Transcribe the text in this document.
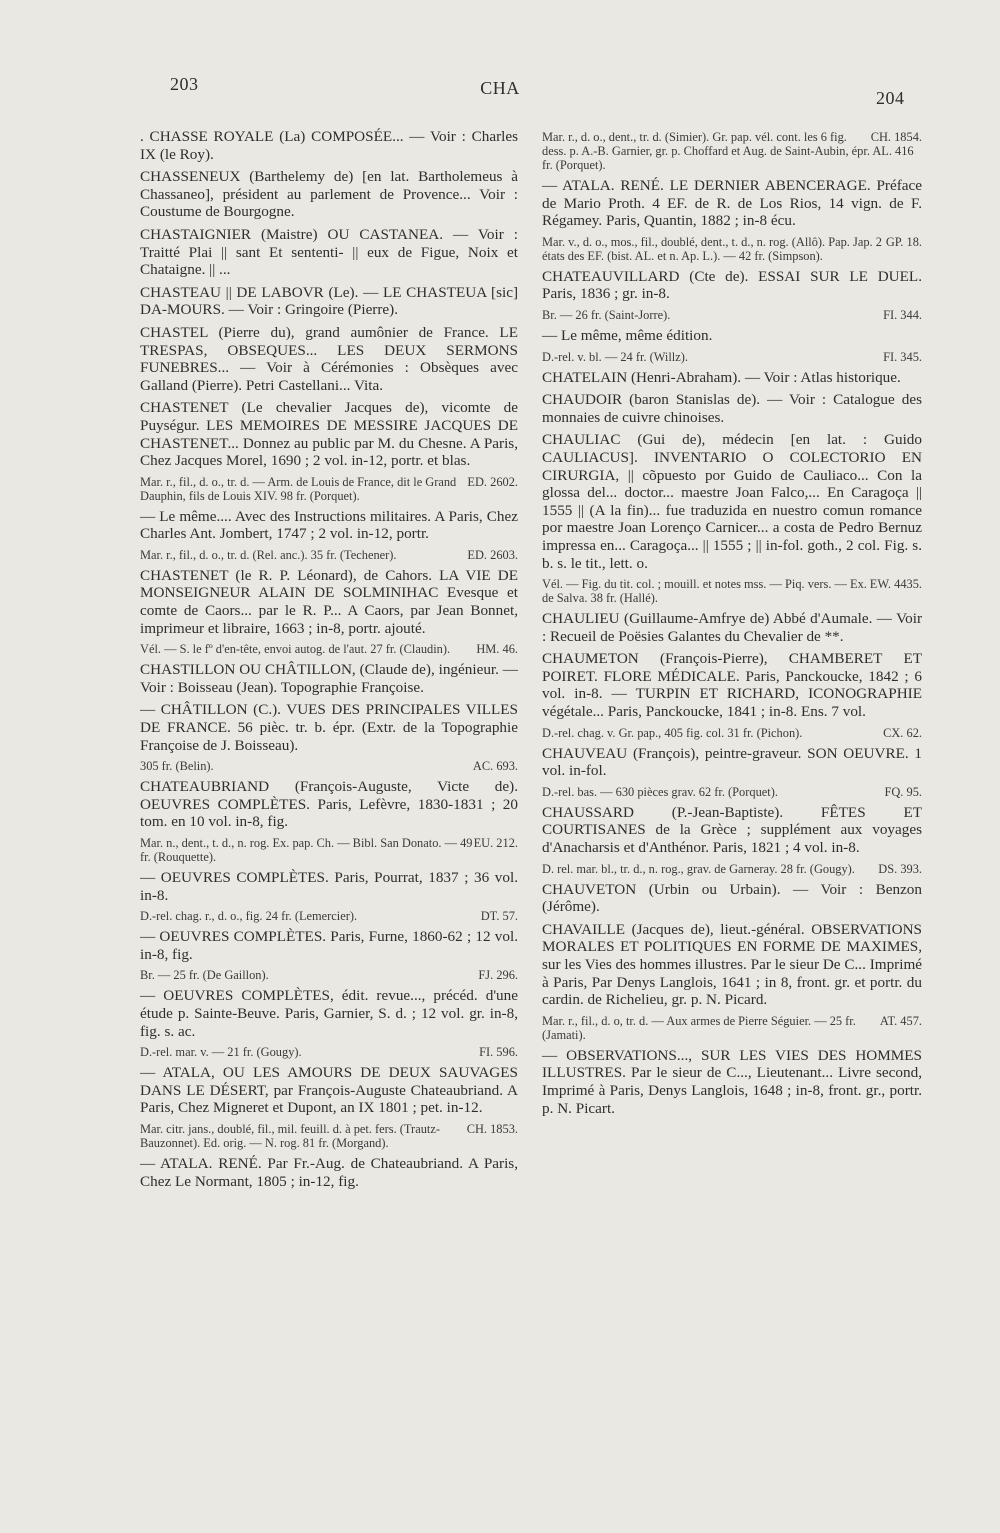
203	CHA	204
. CHASSE ROYALE (La) COMPOSÉE... — Voir : Charles IX (le Roy).
CHASSENEUX (Barthelemy de) [en lat. Bartholemeus à Chassaneo], président au parlement de Provence... Voir : Coustume de Bourgogne.
CHASTAIGNIER (Maistre) OU CASTANEA. — Voir : Traitté Plai || sant Et sententi- || eux de Figue, Noix et Chataigne. || ...
CHASTEAU || DE LABOVR (Le). — LE CHASTEUA [sic] DA-MOURS. — Voir : Gringoire (Pierre).
CHASTEL (Pierre du), grand aumônier de France. LE TRESPAS, OBSEQUES... LES DEUX SERMONS FUNEBRES... — Voir à Cérémonies : Obsèques avec Galland (Pierre). Petri Castellani... Vita.
CHASTENET (Le chevalier Jacques de), vicomte de Puységur. LES MEMOIRES DE MESSIRE JACQUES DE CHASTENET... Donnez au public par M. du Chesne. A Paris, Chez Jacques Morel, 1690 ; 2 vol. in-12, portr. et blas.
ED. 2602.
Mar. r., fil., d. o., tr. d. — Arm. de Louis de France, dit le Grand Dauphin, fils de Louis XIV. 98 fr. (Porquet).
— Le même.... Avec des Instructions militaires. A Paris, Chez Charles Ant. Jombert, 1747 ; 2 vol. in-12, portr.
ED. 2603.
Mar. r., fil., d. o., tr. d. (Rel. anc.). 35 fr. (Techener).
CHASTENET (le R. P. Léonard), de Cahors. LA VIE DE MONSEIGNEUR ALAIN DE SOLMINIHAC Evesque et comte de Caors... par le R. P... A Caors, par Jean Bonnet, imprimeur et libraire, 1663 ; in-8, portr. ajouté.
HM. 46.
Vél. — S. le fº d'en-tête, envoi autog. de l'aut. 27 fr. (Claudin).
CHASTILLON OU CHÂTILLON, (Claude de), ingénieur. — Voir : Boisseau (Jean). Topographie Françoise.
— CHÂTILLON (C.). VUES DES PRINCIPALES VILLES DE FRANCE. 56 pièc. tr. b. épr. (Extr. de la Topographie Françoise de J. Boisseau).
AC. 693.
305 fr. (Belin).
CHATEAUBRIAND (François-Auguste, Victe de). OEUVRES COMPLÈTES. Paris, Lefèvre, 1830-1831 ; 20 tom. en 10 vol. in-8, fig.
EU. 212.
Mar. n., dent., t. d., n. rog. Ex. pap. Ch. — Bibl. San Donato. — 49 fr. (Rouquette).
— OEUVRES COMPLÈTES. Paris, Pourrat, 1837 ; 36 vol. in-8.
DT. 57.
D.-rel. chag. r., d. o., fig. 24 fr. (Lemercier).
— OEUVRES COMPLÈTES. Paris, Furne, 1860-62 ; 12 vol. in-8, fig.
FJ. 296.
Br. — 25 fr. (De Gaillon).
— OEUVRES COMPLÈTES, édit. revue..., précéd. d'une étude p. Sainte-Beuve. Paris, Garnier, S. d. ; 12 vol. gr. in-8, fig. s. ac.
FI. 596.
D.-rel. mar. v. — 21 fr. (Gougy).
— ATALA, OU LES AMOURS DE DEUX SAUVAGES DANS LE DÉSERT, par François-Auguste Chateaubriand. A Paris, Chez Migneret et Dupont, an IX 1801 ; pet. in-12.
CH. 1853.
Mar. citr. jans., doublé, fil., mil. feuill. d. à pet. fers. (Trautz-Bauzonnet). Ed. orig. — N. rog. 81 fr. (Morgand).
— ATALA. RENÉ. Par Fr.-Aug. de Chateaubriand. A Paris, Chez Le Normant, 1805 ; in-12, fig.
CH. 1854.
Mar. r., d. o., dent., tr. d. (Simier). Gr. pap. vél. cont. les 6 fig. dess. p. A.-B. Garnier, gr. p. Choffard et Aug. de Saint-Aubin, épr. AL. 416 fr. (Porquet).
— ATALA. RENÉ. LE DERNIER ABENCERAGE. Préface de Mario Proth. 4 EF. de R. de Los Rios, 14 vign. de F. Régamey. Paris, Quantin, 1882 ; in-8 écu.
GP. 18.
Mar. v., d. o., mos., fil., doublé, dent., t. d., n. rog. (Allô). Pap. Jap. 2 états des EF. (bist. AL. et n. Ap. L.). — 42 fr. (Simpson).
CHATEAUVILLARD (Cte de). ESSAI SUR LE DUEL. Paris, 1836 ; gr. in-8.
FI. 344.
Br. — 26 fr. (Saint-Jorre).
— Le même, même édition.
FI. 345.
D.-rel. v. bl. — 24 fr. (Willz).
CHATELAIN (Henri-Abraham). — Voir : Atlas historique.
CHAUDOIR (baron Stanislas de). — Voir : Catalogue des monnaies de cuivre chinoises.
CHAULIAC (Gui de), médecin [en lat. : Guido CAULIACUS]. INVENTARIO O COLECTORIO EN CIRURGIA, || cõpuesto por Guido de Cauliaco... Con la glossa del... doctor... maestre Joan Falco,... En Caragoça || 1555 || (A la fin)... fue traduzida en nuestro comun romance por maestre Joan Lorenço Carnicer... a costa de Pedro Bernuz impressa en... Caragoça... || 1555 ; || in-fol. goth., 2 col. Fig. s. b. s. le tit., lett. o.
EW. 4435.
Vél. — Fig. du tit. col. ; mouill. et notes mss. — Piq. vers. — Ex. de Salva. 38 fr. (Hallé).
CHAULIEU (Guillaume-Amfrye de) Abbé d'Aumale. — Voir : Recueil de Poësies Galantes du Chevalier de **.
CHAUMETON (François-Pierre), CHAMBERET ET POIRET. FLORE MÉDICALE. Paris, Panckoucke, 1842 ; 6 vol. in-8. — TURPIN ET RICHARD, ICONOGRAPHIE végétale... Paris, Panckoucke, 1841 ; in-8. Ens. 7 vol.
CX. 62.
D.-rel. chag. v. Gr. pap., 405 fig. col. 31 fr. (Pichon).
CHAUVEAU (François), peintre-graveur. SON OEUVRE. 1 vol. in-fol.
FQ. 95.
D.-rel. bas. — 630 pièces grav. 62 fr. (Porquet).
CHAUSSARD (P.-Jean-Baptiste). FÊTES ET COURTISANES de la Grèce ; supplément aux voyages d'Anacharsis et d'Anthénor. Paris, 1821 ; 4 vol. in-8.
DS. 393.
D. rel. mar. bl., tr. d., n. rog., grav. de Garneray. 28 fr. (Gougy).
CHAUVETON (Urbin ou Urbain). — Voir : Benzon (Jérôme).
CHAVAILLE (Jacques de), lieut.-général. OBSERVATIONS MORALES ET POLITIQUES EN FORME DE MAXIMES, sur les Vies des hommes illustres. Par le sieur De C... Imprimé à Paris, Par Denys Langlois, 1641 ; in 8, front. gr. et portr. du cardin. de Richelieu, gr. p. N. Picard.
AT. 457.
Mar. r., fil., d. o, tr. d. — Aux armes de Pierre Séguier. — 25 fr. (Jamati).
— OBSERVATIONS..., SUR LES VIES DES HOMMES ILLUSTRES. Par le sieur de C..., Lieutenant... Livre second, Imprimé à Paris, Denys Langlois, 1648 ; in-8, front. gr., portr. p. N. Picart.
